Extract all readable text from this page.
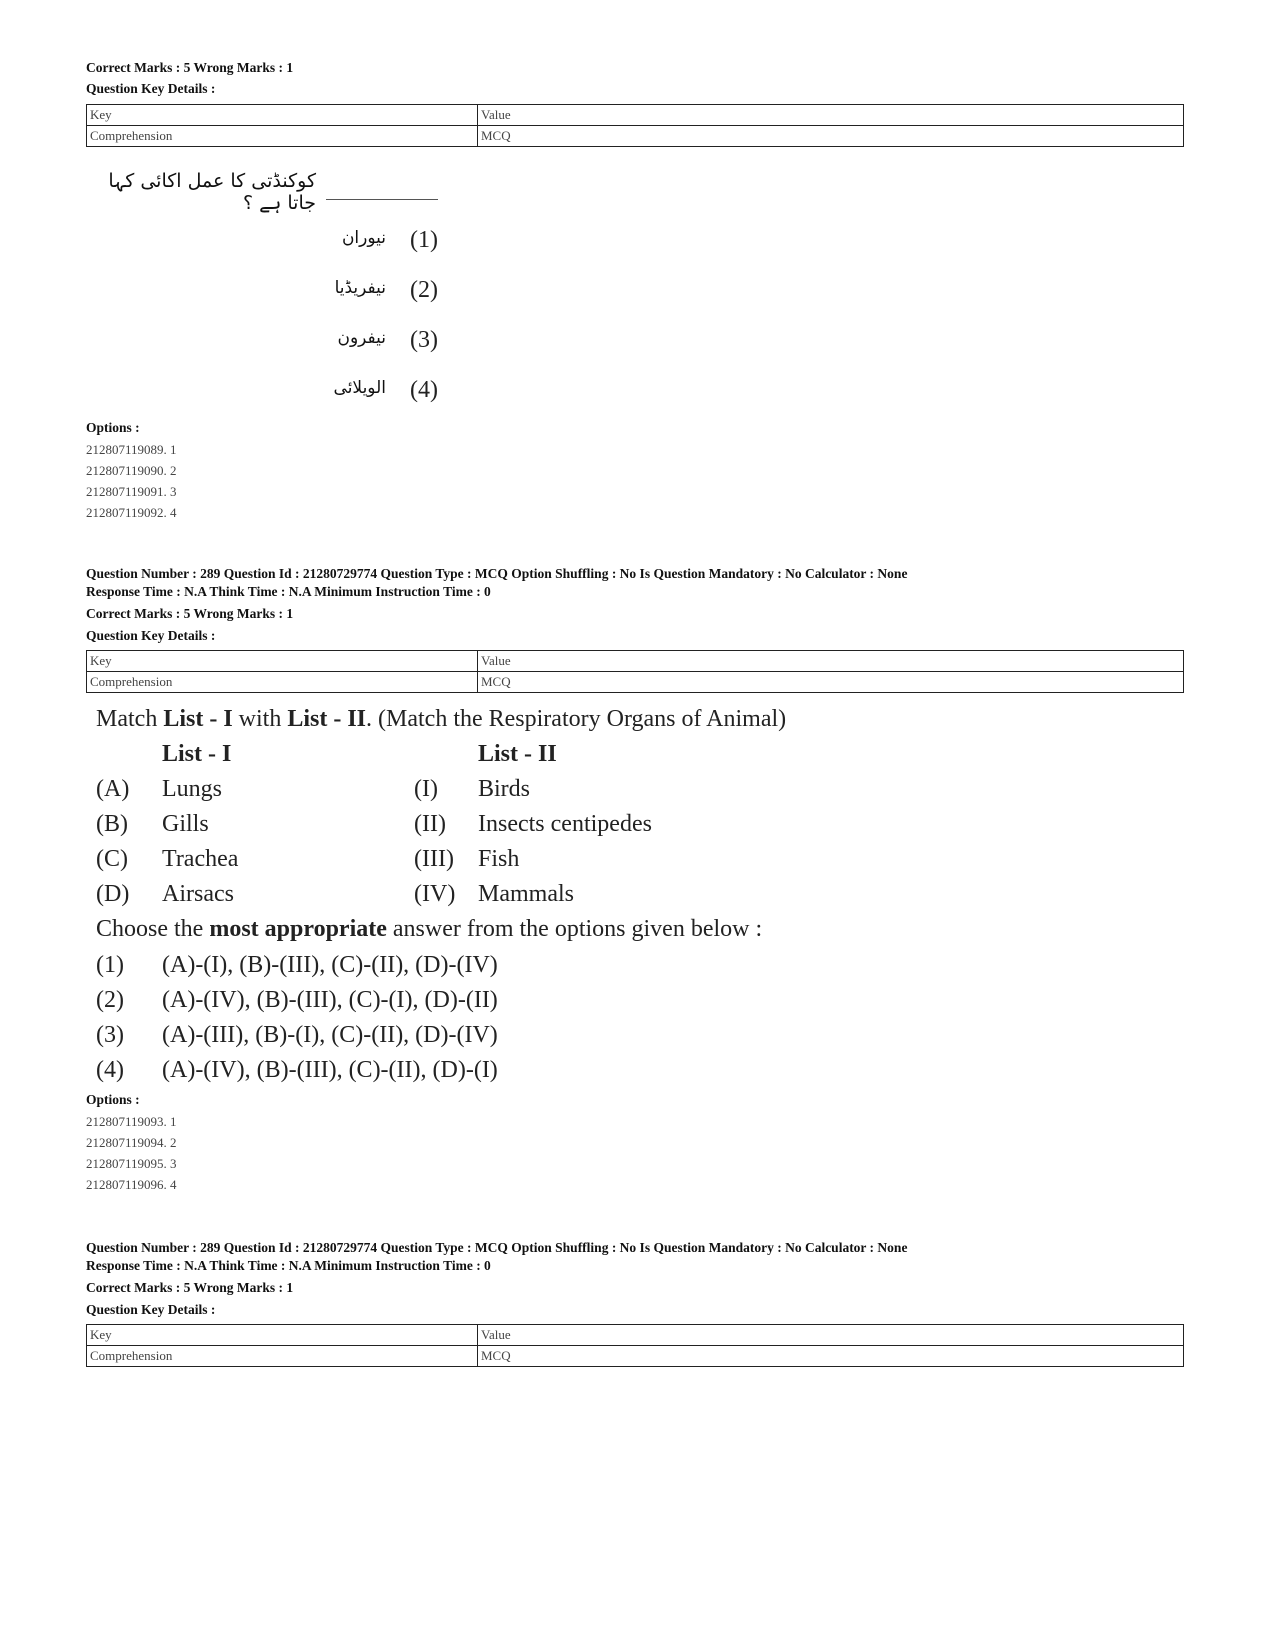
Correct Marks : 5 Wrong Marks : 1
Question Key Details :
Key	Value
Comprehension	MCQ
کوکنڈتی کا عمل اکائی کہا جاتا ہے ؟
نیوران (1)
نیفریڈیا (2)
نیفرون (3)
الویلائی (4)
Options :
212807119089. 1
212807119090. 2
212807119091. 3
212807119092. 4
Question Number : 289 Question Id : 21280729774 Question Type : MCQ Option Shuffling : No Is Question Mandatory : No Calculator : None
Response Time : N.A Think Time : N.A Minimum Instruction Time : 0
Correct Marks : 5 Wrong Marks : 1
Question Key Details :
Key	Value
Comprehension	MCQ
Match List - I with List - II. (Match the Respiratory Organs of Animal)
List - I	List - II
(A) Lungs	(I) Birds
(B) Gills	(II) Insects centipedes
(C) Trachea	(III) Fish
(D) Airsacs	(IV) Mammals
Choose the most appropriate answer from the options given below :
(1) (A)-(I), (B)-(III), (C)-(II), (D)-(IV)
(2) (A)-(IV), (B)-(III), (C)-(I), (D)-(II)
(3) (A)-(III), (B)-(I), (C)-(II), (D)-(IV)
(4) (A)-(IV), (B)-(III), (C)-(II), (D)-(I)
Options :
212807119093. 1
212807119094. 2
212807119095. 3
212807119096. 4
Question Number : 289 Question Id : 21280729774 Question Type : MCQ Option Shuffling : No Is Question Mandatory : No Calculator : None
Response Time : N.A Think Time : N.A Minimum Instruction Time : 0
Correct Marks : 5 Wrong Marks : 1
Question Key Details :
Key	Value
Comprehension	MCQ
